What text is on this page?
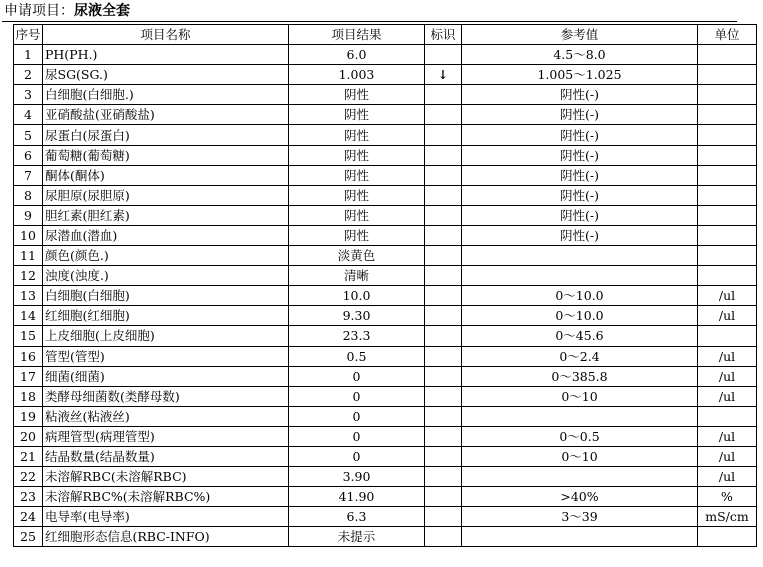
申请项目：尿液全套
序号	项目名称	项目结果	标识	参考值	单位
1	PH(PH.)	6.0		4.5～8.0	
2	尿SG(SG.)	1.003	↓	1.005～1.025	
3	白细胞(白细胞.)	阴性		阴性(-)	
4	亚硝酸盐(亚硝酸盐)	阴性		阴性(-)	
5	尿蛋白(尿蛋白)	阴性		阴性(-)	
6	葡萄糖(葡萄糖)	阴性		阴性(-)	
7	酮体(酮体)	阴性		阴性(-)	
8	尿胆原(尿胆原)	阴性		阴性(-)	
9	胆红素(胆红素)	阴性		阴性(-)	
10	尿潜血(潜血)	阴性		阴性(-)	
11	颜色(颜色.)	淡黄色			
12	浊度(浊度.)	清晰			
13	白细胞(白细胞)	10.0		0～10.0	/ul
14	红细胞(红细胞)	9.30		0～10.0	/ul
15	上皮细胞(上皮细胞)	23.3		0～45.6	
16	管型(管型)	0.5		0～2.4	/ul
17	细菌(细菌)	0		0～385.8	/ul
18	类酵母细菌数(类酵母数)	0		0～10	/ul
19	粘液丝(粘液丝)	0			
20	病理管型(病理管型)	0		0～0.5	/ul
21	结晶数量(结晶数量)	0		0～10	/ul
22	未溶解RBC(未溶解RBC)	3.90			/ul
23	未溶解RBC%(未溶解RBC%)	41.90		>40%	%
24	电导率(电导率)	6.3		3～39	mS/cm
25	红细胞形态信息(RBC-INFO)	未提示			
